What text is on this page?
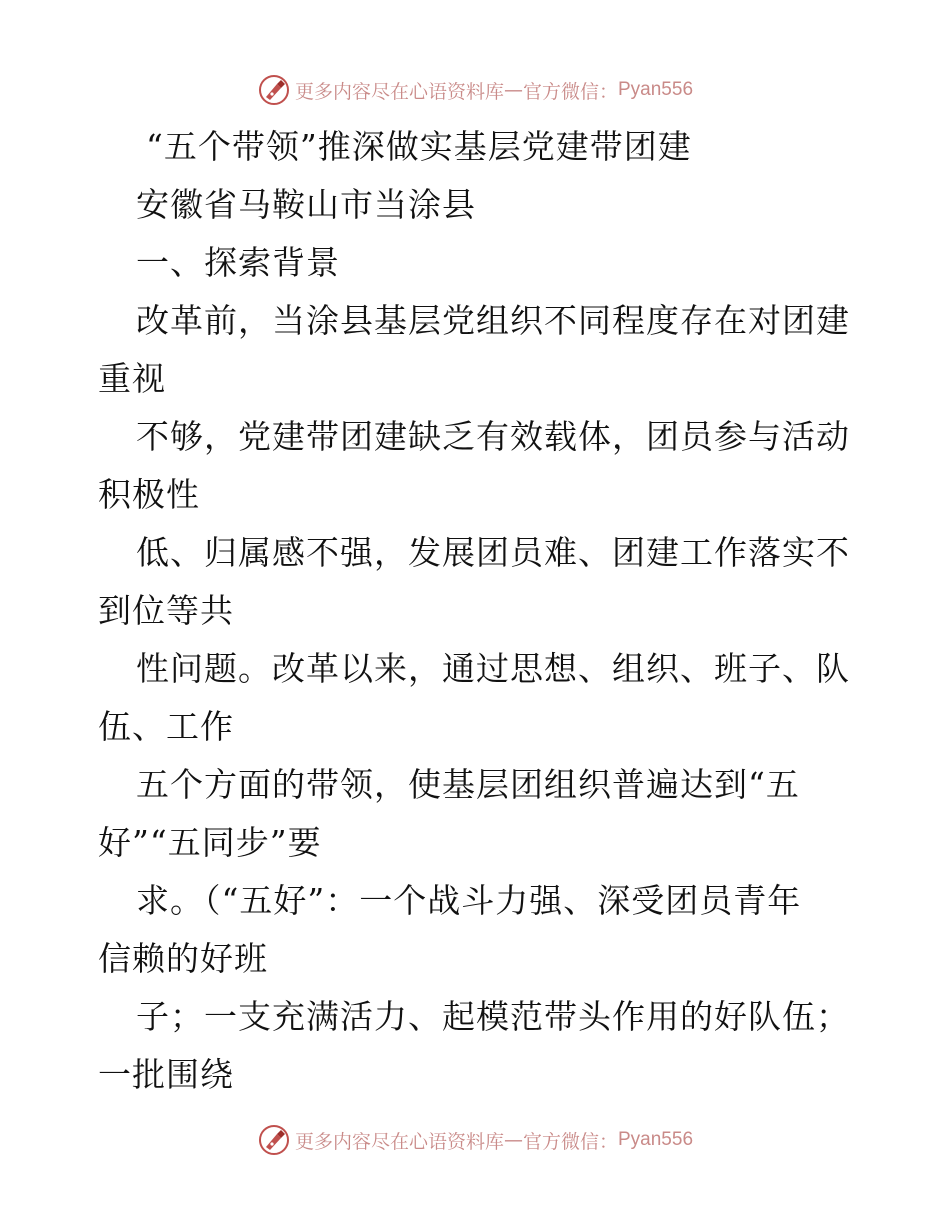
更多内容尽在心语资料库 — 官方微信： Pyan556
“五个带领”推深做实基层党建带团建
安徽省马鞍山市当涂县
一、探索背景
改革前，当涂县基层党组织不同程度存在对团建
重视
不够，党建带团建缺乏有效载体，团员参与活动
积极性
低、归属感不强，发展团员难、团建工作落实不
到位等共
性问题。改革以来，通过思想、组织、班子、队
伍、工作
五个方面的带领，使基层团组织普遍达到“五
好”“五同步”要
求。（“五好”：一个战斗力强、深受团员青年
信赖的好班
子；一支充满活力、起模范带头作用的好队伍；
一批围绕
更多内容尽在心语资料库 — 官方微信： Pyan556
